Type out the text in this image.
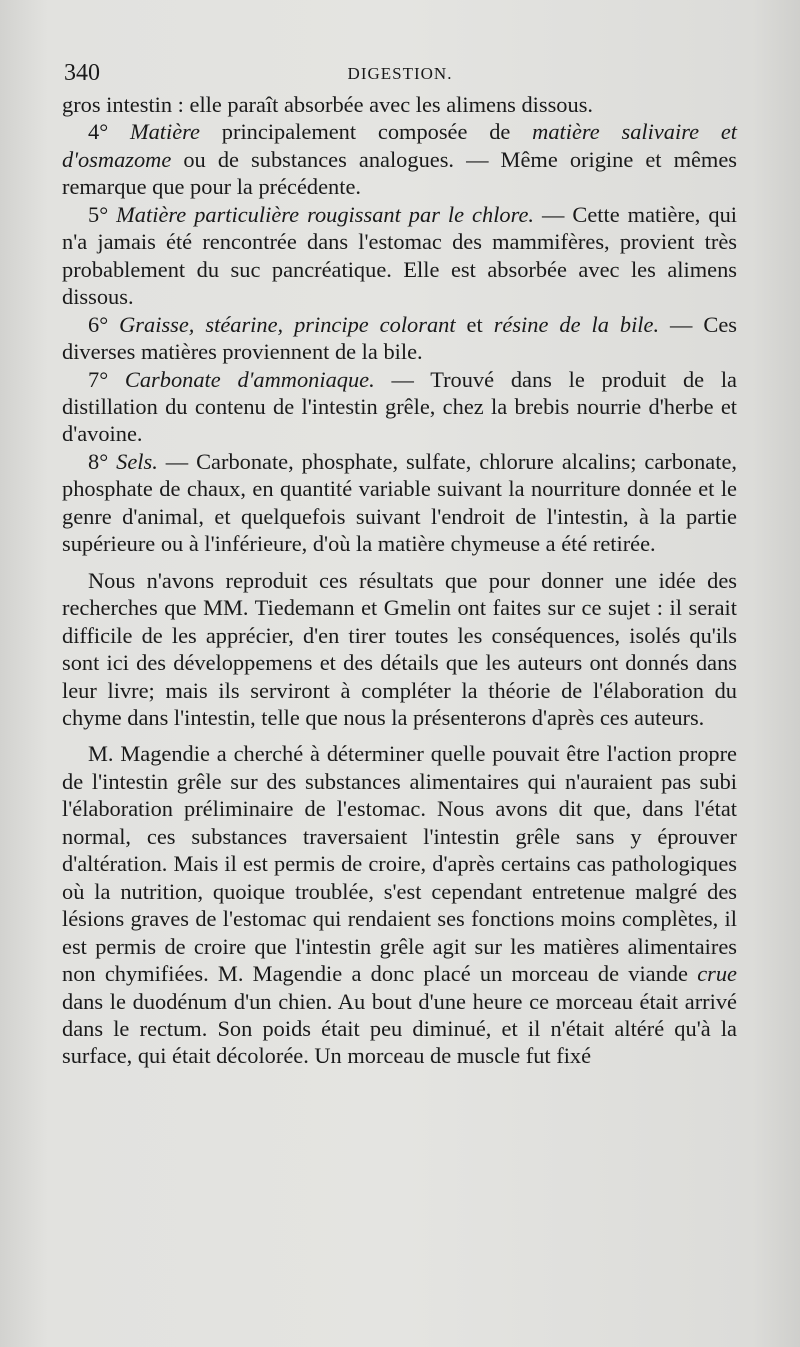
340	DIGESTION.

gros intestin : elle paraît absorbée avec les alimens dissous.

4° Matière principalement composée de matière salivaire et d'osmazome ou de substances analogues. — Même origine et mêmes remarque que pour la précédente.

5° Matière particulière rougissant par le chlore. — Cette matière, qui n'a jamais été rencontrée dans l'estomac des mammifères, provient très probablement du suc pancréatique. Elle est absorbée avec les alimens dissous.

6° Graisse, stéarine, principe colorant et résine de la bile. — Ces diverses matières proviennent de la bile.

7° Carbonate d'ammoniaque. — Trouvé dans le produit de la distillation du contenu de l'intestin grêle, chez la brebis nourrie d'herbe et d'avoine.

8° Sels. — Carbonate, phosphate, sulfate, chlorure alcalins; carbonate, phosphate de chaux, en quantité variable suivant la nourriture donnée et le genre d'animal, et quelquefois suivant l'endroit de l'intestin, à la partie supérieure ou à l'inférieure, d'où la matière chymeuse a été retirée.

Nous n'avons reproduit ces résultats que pour donner une idée des recherches que MM. Tiedemann et Gmelin ont faites sur ce sujet : il serait difficile de les apprécier, d'en tirer toutes les conséquences, isolés qu'ils sont ici des développemens et des détails que les auteurs ont donnés dans leur livre; mais ils serviront à compléter la théorie de l'élaboration du chyme dans l'intestin, telle que nous la présenterons d'après ces auteurs.

M. Magendie a cherché à déterminer quelle pouvait être l'action propre de l'intestin grêle sur des substances alimentaires qui n'auraient pas subi l'élaboration préliminaire de l'estomac. Nous avons dit que, dans l'état normal, ces substances traversaient l'intestin grêle sans y éprouver d'altération. Mais il est permis de croire, d'après certains cas pathologiques où la nutrition, quoique troublée, s'est cependant entretenue malgré des lésions graves de l'estomac qui rendaient ses fonctions moins complètes, il est permis de croire que l'intestin grêle agit sur les matières alimentaires non chymifiées. M. Magendie a donc placé un morceau de viande crue dans le duodénum d'un chien. Au bout d'une heure ce morceau était arrivé dans le rectum. Son poids était peu diminué, et il n'était altéré qu'à la surface, qui était décolorée. Un morceau de muscle fut fixé
